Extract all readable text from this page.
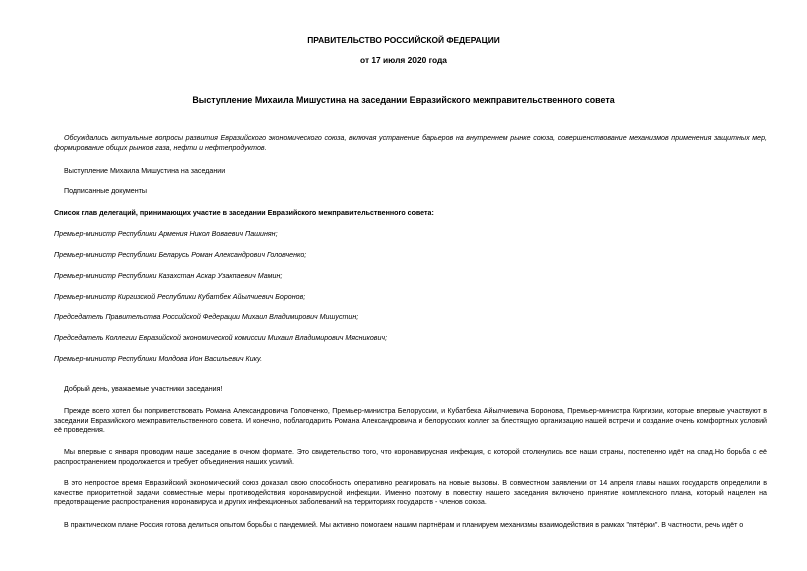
ПРАВИТЕЛЬСТВО РОССИЙСКОЙ ФЕДЕРАЦИИ
от 17 июля 2020 года
Выступление Михаила Мишустина на заседании Евразийского межправительственного совета

Обсуждались актуальные вопросы развития Евразийского экономического союза, включая устранение барьеров на внутреннем рынке союза, совершенствование механизмов применения защитных мер, формирование общих рынков газа, нефти и нефтепродуктов.

Выступление Михаила Мишустина на заседании

Подписанные документы

Список глав делегаций, принимающих участие в заседании Евразийского межправительственного совета:

Премьер-министр Республики Армения Никол Воваевич Пашинян;

Премьер-министр Республики Беларусь Роман Александрович Головченко;

Премьер-министр Республики Казахстан Аскар Узакпаевич Мамин;

Премьер-министр Киргизской Республики Кубатбек Айылчиевич Боронов;

Председатель Правительства Российской Федерации Михаил Владимирович Мишустин;

Председатель Коллегии Евразийской экономической комиссии Михаил Владимирович Мясникович;

Премьер-министр Республики Молдова Ион Васильевич Кику.

Добрый день, уважаемые участники заседания!

Прежде всего хотел бы поприветствовать Романа Александровича Головченко, Премьер-министра Белоруссии, и Кубатбека Айылчиевича Боронова, Премьер-министра Киргизии, которые впервые участвуют в заседании Евразийского межправительственного совета. И конечно, поблагодарить Романа Александровича и белорусских коллег за блестящую организацию нашей встречи и создание очень комфортных условий её проведения.

Мы впервые с января проводим наше заседание в очном формате. Это свидетельство того, что коронавирусная инфекция, с которой столкнулись все наши страны, постепенно идёт на спад.Но борьба с её распространением продолжается и требует объединения наших усилий.

В это непростое время Евразийский экономический союз доказал свою способность оперативно реагировать на новые вызовы. В совместном заявлении от 14 апреля главы наших государств определили в качестве приоритетной задачи совместные меры противодействия коронавирусной инфекции. Именно поэтому в повестку нашего заседания включено принятие комплексного плана, который нацелен на предотвращение распространения коронавируса и других инфекционных заболеваний на территориях государств - членов союза.

В практическом плане Россия готова делиться опытом борьбы с пандемией. Мы активно помогаем нашим партнёрам и планируем механизмы взаимодействия в рамках "пятёрки". В частности, речь идёт о
